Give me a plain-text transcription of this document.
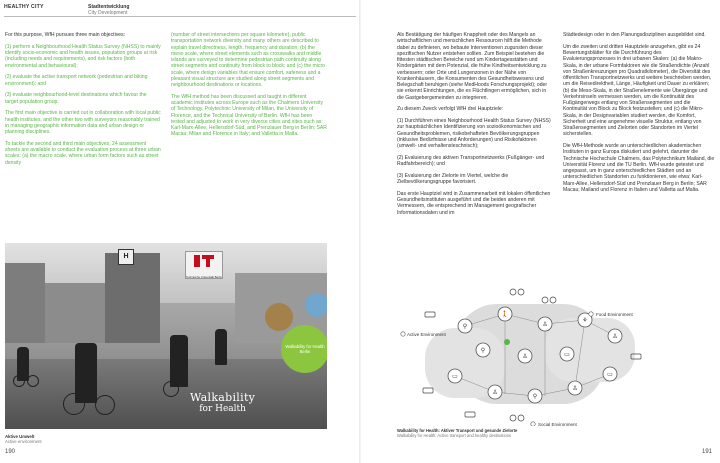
HEALTHY CITY	Stadtentwicklung
City Development

For this purpose, WfH pursues three main objectives:

(1) perform a Neighbourhood Health Status Survey (NHSS) to mainly identify socio-economic and health issues, population groups at risk (including needs and requirements), and risk factors (both environmental and behavioural);

(2) evaluate the active transport network (pedestrian and biking environment); and

(3) evaluate neighbourhood-level destinations which favour the target population group.

The first main objective is carried out in collaboration with local public health institutes, and the other two with surveyors reasonably trained in managing geographic information data and urban design or planning disciplines.

To tackle the second and third main objectives, 24 assessment sheets are available to conduct the evaluation process at three urban scales: (a) the macro scale, where urban form factors such as street density

(number of street intersections per square kilometre), public transportation network diversity and many others are described to explain travel directness, length, frequency and duration; (b) the meso scale, where street elements such as crosswalks and middle islands are surveyed to determine pedestrian path continuity along street segments and continuity from block to block; and (c) the micro scale, where design variables that ensure comfort, safeness and a pleasant visual structure are studied along street segments and neighbourhood destinations or locations.

The WfH method has been discussed and taught in different academic institutes across Europe such as the Chalmers University of Technology, Polytechnic University of Milan, the University of Florence, and the Technical University of Berlin. WfH has been tested and adjusted to work in very diverse cities and sites such as: Karl-Marx-Allee, Hellersdorf-Süd, and Prenzlauer Berg in Berlin; SAR Macau; Milan and Florence in Italy; and Valletta in Malta.

H
Technische Universität Berlin
Walkability for Health Berlin
Walkability
for Health
Aktive Umwelt
Active environment
190

Als Bestätigung der häufigen Knappheit oder des Mangels an wirtschaftlichen und menschlichen Ressourcen hilft die Methode dabei zu definieren, wo bebaute Interventionen zugunsten dieser spezifischen Nutzer entstehen sollten. Zum Beispiel bestehen die fittesten städtischen Bereiche rund um Kindertagesstätten und Kindergärten mit dem Potenzial, die frühe Kindheitsentwicklung zu verbessern; oder Orte und Lungenzonen in der Nähe von Krankenhäusern, die Konsumenten des Gesundheitswesens und Belegschaft beruhigen (siehe MedHoods Forschungsprojekt); oder sie erkennt Einrichtungen, die es Flüchtlingen ermöglichen, sich in die Gastgebergemeinden zu integrieren.

Zu diesem Zweck verfolgt WfH drei Hauptziele:

(1) Durchführen eines Neighbourhood Health Status Survey (NHSS) zur hauptsächlichen Identifizierung von sozioökonomischen und Gesundheitsproblemen, risikobehafteten Bevölkerungsgruppen (inklusive Bedürfnisse und Anforderungen) und Risikofaktoren (umwelt- und verhaltensteschnisch);

(2) Evaluierung des aktiven Transportnetzwerks (Fußgänger- und Radfahrbereich); und

(3) Evaluierung der Zielorte im Viertel, welche die Zielbevölkerungsgruppe favorisiert.

Das erste Hauptziel wird in Zusammenarbeit mit lokalen öffentlichen Gesundheitsinstituten ausgeführt und die beiden anderen mit Vermessern, die entsprechend im Management geografischer Informationsdaten und im

Städtedesign oder in den Planungsdisziplinen ausgebildet sind.

Um die zweiten und dritten Hauptziele anzugehen, gibt es 24 Bewertungsblätter für die Durchführung des Evaluierungsprozesses in drei urbanen Skalen: (a) die Makro-Skala, in der urbane Formfaktoren wie die Straßendichte (Anzahl von Straßenkreuzungen pro Quadratkilometer), die Diversität des öffentlichen Transportnetzwerks und weitere beschrieben werden, um die Reisedirektheit, Länge, Häufigkeit und Dauer zu erklären; (b) die Meso-Skala, in der Straßenelemente wie Übergänge und Verkehrsinseln vermessen werden, um die Kontinuität des Fußgängerwegs entlang von Straßensegmenten und die Kontinuität von Block zu Block festzustellen; und (c) die Mikro-Skala, in der Designvariablen studiert werden, die Komfort, Sicherheit und eine angenehme visuelle Struktur, entlang von Straßensegmenten und Zielorten oder Standorten im Viertel sicherstellen.

Die WfH-Methode wurde an unterschiedlichen akademischen Instituten in ganz Europa diskutiert und gelehrt, darunter die Technische Hochschule Chalmers, das Polytechnikum Mailand, die Universität Florenz und die TU Berlin. WfH wurde getestet und angepasst, um in ganz unterschiedlichen Städten und an unterschiedlichen Standorten zu funktionieren, wie etwa: Karl-Marx-Allee, Hellersdorf-Süd und Prenzlauer Berg in Berlin; SAR Macau; Mailand und Florenz in Italien und Valletta auf Malta.

191
⚲
🚶
♙
⚘
♙
▭
♙
⚲
♙
▭
♙
⚲
▭
Food Environment
Active Environment
Social Environment
Walkability for Health: Aktiver Transport und gesunde Zielorte
Walkability for Health: Active transport and healthy destinations
